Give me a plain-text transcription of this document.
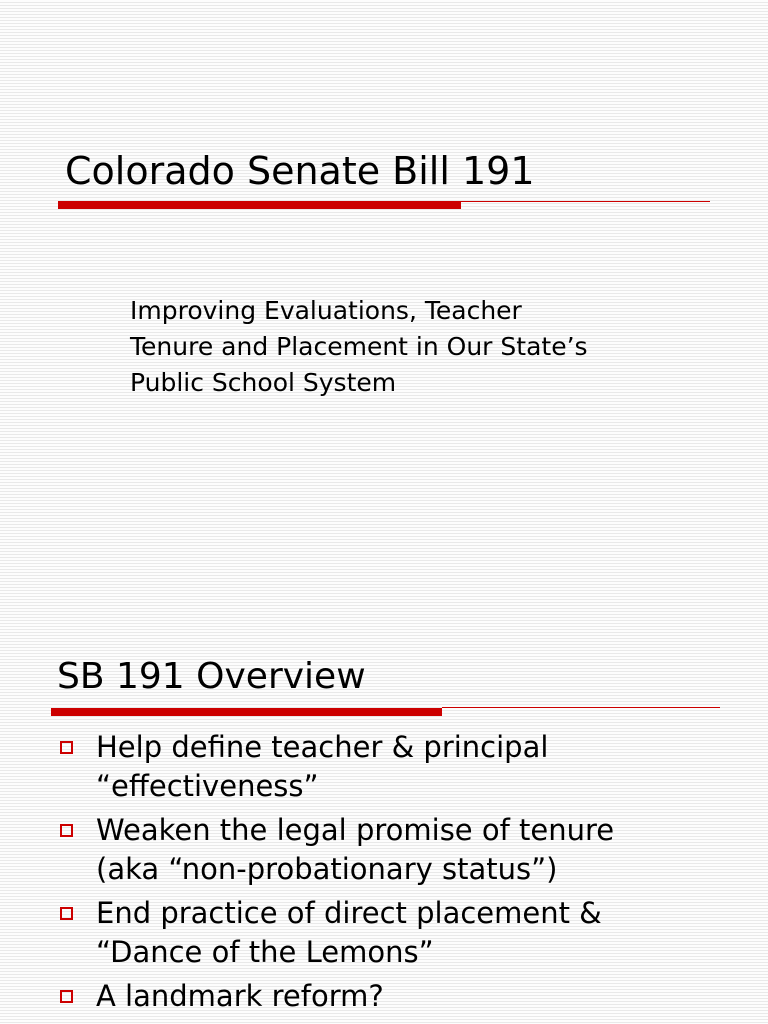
Colorado Senate Bill 191
Improving Evaluations, Teacher
Tenure and Placement in Our State’s
Public School System
SB 191 Overview
Help define teacher & principal
“effectiveness”
Weaken the legal promise of tenure
(aka “non-probationary status”)
End practice of direct placement &
“Dance of the Lemons”
A landmark reform?
